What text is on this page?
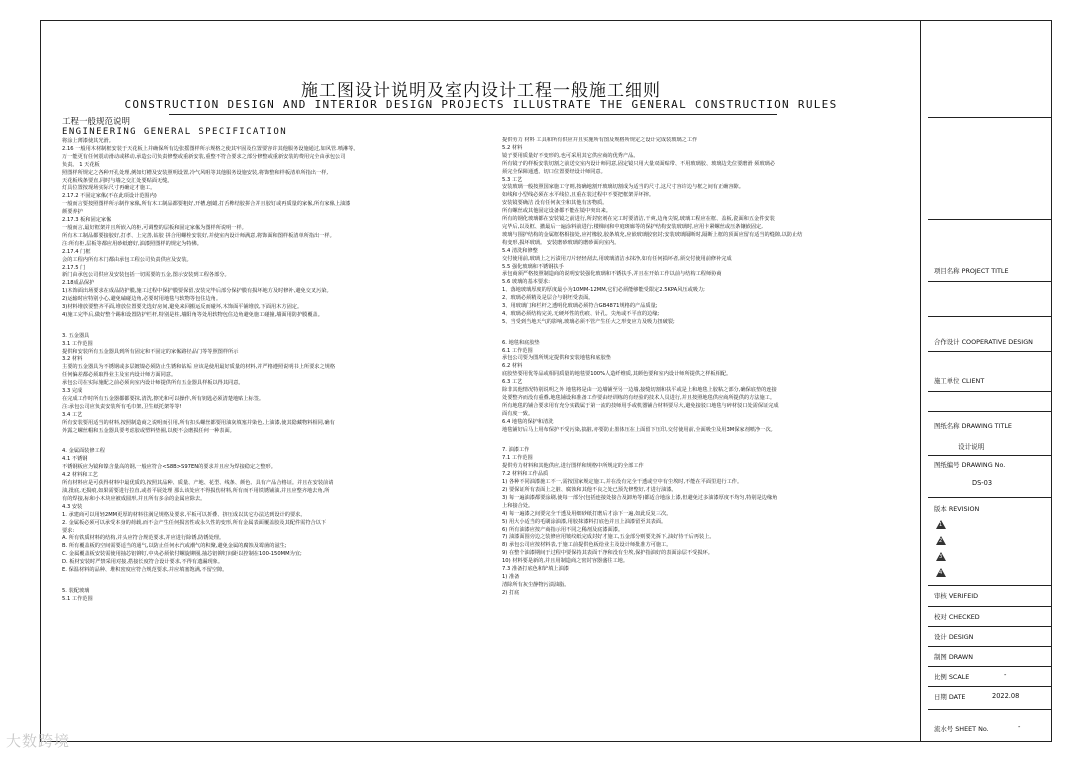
施工图设计说明及室内设计工程一般施工细则
CONSTRUCTION DESIGN AND INTERIOR DESIGN PROJECTS ILLUSTRATE THE GENERAL CONSTRUCTION RULES

工程一般规范说明

ENGINEERING GENERAL SPECIFICATION

将涂上薄漆使其光滑。

2.16 一般用木材制框安装于天花板上并确保所有边张摇图样所示规格之使其牢固及位置要容许其他服务设施通过,如风管.喷淋等。

万一能更有任何震动滑动或移动,承造公司负责修整或重新安装,重整不符合要求之部分修整或重新安装的费用完全由承包公司

负责。 1 天花板

照图样所规定之各种开孔处理,例如灯槽及安装照明设置,冷气风咀等其他服务设施安装,将饰整和样板清单所指出一样,

天花板线条要直,同时与墙之交汇处要贴面无缝。

灯具位置按现场实际尺寸再确定才施工。

2.17.2 不固定家俬(不在此项设计范围内)

一般而言要按照图样所示制作家俬,所有木工制品都要粗好,开槽,刨蜡,打舌榫结胶拼合并且胶钉或再质量的家俬,所有家俬上油漆

颜要养护

2.17.3 板和固定家俬

一般而言,最好框架并且所嵌入的柜,可调整的层板和固定家俬为图样所说明一样。

所有木工制品都要接胶好,打孝、上完善,钻胶 拼合用螺栓安装好,并使室内设计师满意,将饰面和图样板清单所指出一样。

注:所有柜,层板等都应用砂纸磨好,油漆照图样的规定为特佛。

2.17.4 门框

会的工程内所有木门都由承包工程公司负责供应及安装。

2.17.5 门

新门由承包公司供应及安装包括一切需要的五金,图示安装到工程各部分。

2.18成品保护

1)木饰面出场要求在成品防护膜,施工过程中保护膜要保留,安装完毕后部分保护膜有损坏地方及时修补,避免交叉污染。

2)运输时应特别小心,避免磕碰边角,必要时用地毯与软物等包住边角。

3)材料堆放要整齐平面,堆放位置要先选好房间,避免来回搬运反而碰坏,木饰面平铺堆放,下面用木方固定。

4)施工完毕后,做好整个踢和设置防护栏杆,特别是柱,墙阳角等处用软物包住边角避免施工碰撞,墙面用防护膜覆盖。

3. 五金器具

3.1 工作范围

提供和安装所有五金器具到所有固定和不固定的家俬路径品门等等照图样所示

3.2 材料

主要的五金器具为不锈钢或多层镀镍必须防止生锈和钻垢 应该是使用最好质量的材料,并严格遵照说明书上所要求之规格

任何偏差都必须取得业主及室内设计师方面同意。

承包公司在实际施配之前必须向室内设计师提供所有五金器具样板以得其同意。

3.3 完成

在完成工作时所有五金器都都要抹,清洗,擦光和可以操作,所有钥匙必须清楚地贴上标签。

注:承包公司应负责安装所有毛巾架,卫生纸托架等等!

3.4 工艺

所有安装要用适当的材料,按照制造商之说明而引用,所有扣头螺丝都要用油灰填塞并染色,上油漆,使其隐藏物料相同,确有

外露之螺丝帽和五金器具要考虑胶或塑料垫圈,以便不会磨损任何一种表面。

4. 金属面装修工程

4.1 不锈钢

不锈钢板应为镜和镍含量高的钢,一般应符合<S8B>S97EN的要求并且应为焊接稳定之整形。

4.2 材料和工艺

所有材料应是可获得材料中最优质的,按照其品种、质量、产地、花型、线条、颜色、具有产品合格证。并且在安装前请

油,批底,无损痕,如果需要进行拉直,或者平展处理 那么该处应不得损伤材料,所有而不用铁锈铺油,并且应整齐地去角,所

有的焊接,标和小木块应被成圆形,并且所有多余的金属应除去。

4.3 安装

1. 承建商可以用轻2MM更厚的材料往满足规格及要求,平板可以折叠、挤压成以其它办法达到设计的要求。

2. 金属板必须可以承受本身的荷载,而不会产生任何损害性或永久性的变形,所有金属表面覆盖胶及其配件需符合以下

要求:

A. 所有铁质材料的结构,并头应符合规范要求,并应进行除锈,防锈处理。

B. 所有覆盖板的空间需要适当的通气,以防止任何水汽或潮气的积聚,避免金属的腐蚀及霉菌的滋生;

C. 金属覆盖板安装需使用抽芯铝铆钉,中央必须依付螺旋铆圈,抽芯铝铆钉间距以控制在100-150MM为宜;

D. 板材安装时严禁采用对接,搭接长度符合设计要求,不得有遗漏现象。

E. 保温材料的品种、堆积密度应符合规范要求,并应填塞饱满,不留空隙。

5. 装配玻璃

5.1 工作范围

提供劳力 材料 工具和所有供应并且实施所有图及规格所规定之设计完成装玻璃之工作

5.2 材料

镜子要用质量好不变形的,也可采用其它供应商的优秀产品。

所有镜子的样板安装切割之前送交室内设计师同意,固定镜只用大量双面贴带、不用玻璃胶、玻璃边先位要磨滑 须玻璃必

须完全保障通透、切口位置要经设计师同意。

5.3 工艺

安装玻璃一般按照国家施工守则,按确地割开玻璃切割成为适当的尺寸,这尺寸容许边与框之间有正确容隙。

如线和小型线必须在水平线位,且重在装过程中不要把框架弄坏摔。

安装镜要确洁 没有任何灰尘和其他有害物质。

所有螺丝或其他固定设备都不能在镜中突出来。

所有的钢化玻璃都在安装镜之前进行,所封密剂在完工时要清洁,干爽,边角尖锐,玻璃工程应在框、盖板,瓷面和五金件安装

完毕后,以及框、撤最后一遍涂料前进行;楼梯间和中庭斑廊等的保护结构安装玻璃时,应用卡紧螺丝或压条镶嵌固定,

玻璃与围护结构的金属框格相接处,应衬橡胶,胶条填充,应嵌玻璃胶密封;安装玻璃隔断时,隔断上框的顶面应留有适当的缝隙,以防止结

构变形,损坏玻璃。 安装磨砂玻璃的磨砂面向室内。

5.4 清洗和修整

交付使用前,玻璃上之污渍用刀片轻轻刮去,用玻璃清洁水抹净,如有任何损坏者,须交付使用前修补完成

5.5 强化玻璃和不锈钢扶手

承包商须严格按照制造商的说明安装强化玻璃和不锈扶手,并且在开始工作以前与结构工程师协商

5.6 玻璃的基本要求:

1、落地玻璃厚度的厚度最小为10MM-12MM,它们必须能够能受限定2.5KPA风压或吸力;

2、玻璃必须精及是层合与钢坯受表面。

3、用玻璃门和栏杆之透明化玻璃必须符合GB4871规格的产品质量;

4、玻璃必须结构完美,无硬坏性的伤痕、针孔。尖角或不平直的边缘;

5、当受到当地天气的影响,玻璃必须不管产生任大之形变应力及吸力扭破裂;

6. 地毯和底胶垫

6.1 工作范围

承包公司要为图所规定提供和安装地毯和底胶垫

6.2 材料

底胶垫要用优等品或相同质量的地毯要100%人造纤维质,其颜色要和室内设计师所提供之样板相配。

6.3 工艺

除非其他情况特别说明之外 地毯将是由一边墙铺至另一边墙,接缝切割和扶平或是上和地毯上胶粘之部分,确保底垫的连接

处要整齐而没有重叠,地毯铺设和准备工作要由经训练的有经验的技术人员进行,并且按照地毯供应商所提供的方法施工。

所有地毯的铺合要求用有充分实践属于第一流的技师用手或机器铺合材料要尽大,避免接驳口地毯与碎材驳口处需保证完成

面有度一致。

6.4 地毯的保护和清洗

地毯铺好后马上用布保护不受污染,搞脏,亦要防止墨体压在上面留下压印,交付使用前,全面吸尘及用3M保家剂喷净一次。

7. 油漆工作

7.1 工作范围

提供劳力材料和其他供应,进行图样和规格中所规定的全部工作

7.2 材料和工作品质

1) 各种不同油漆施工不一,需按国家规定施工,并在没有完全干透或空中有尘埃时,不能在平面里进行工作。

2) 要保证所有表面上之脏、腐蚀和其他不良之处已预先修整好,才进行油漆。

3) 每一遍油漆都要涂刷,使每一部分(包括连接处接合及卸角等)都适合地涂上漆,但避免过多油漆厚度不均匀,特别是边缘角

上和接合处。

4) 每一遍漆之间要完全干透及用细砂纸打磨后才涂下一遍,如此反复三次。

5) 用大小适当的毛刷涂油漆,用胶抹漆料打底色并且上油漆留至其表面。

6) 所有油漆应按产商指示用不同之稀剂及底漆面漆。

7) 油漆面围旁边之装修应用皱纹纸完成封好才施工,五金部分则要先拆下,油好待干后再装上。

8) 承包公司应按材料表,于施工前提供色板给业主及设计师批准方可施工。

9) 在整个油漆期间于过程中要保持其表面干净和没有尘埃,保护指油好的表面涂层不受损环。

10) 材料要是新的,并且用制造商之密封容器盛往工地。

7.3 准备打底色和铲填上油漆

1) 准备

清除所有灰尘静物污渍油脂。

2) 打底

项目名称 PROJECT TITLE
合作设计 COOPERATIVE DESIGN
施工单位 CLIENT
图纸名称 DRAWING TITLE
设计说明
图纸编号 DRAWING No.
DS-03
版本 REVISION
1
2
3
4
审核 VERIFEID
校对 CHECKED
设计 DESIGN
制图 DRAWN
比例 SCALE	-
日期 DATE	2022.08
流水号 SHEET No.	-
大数跨境
